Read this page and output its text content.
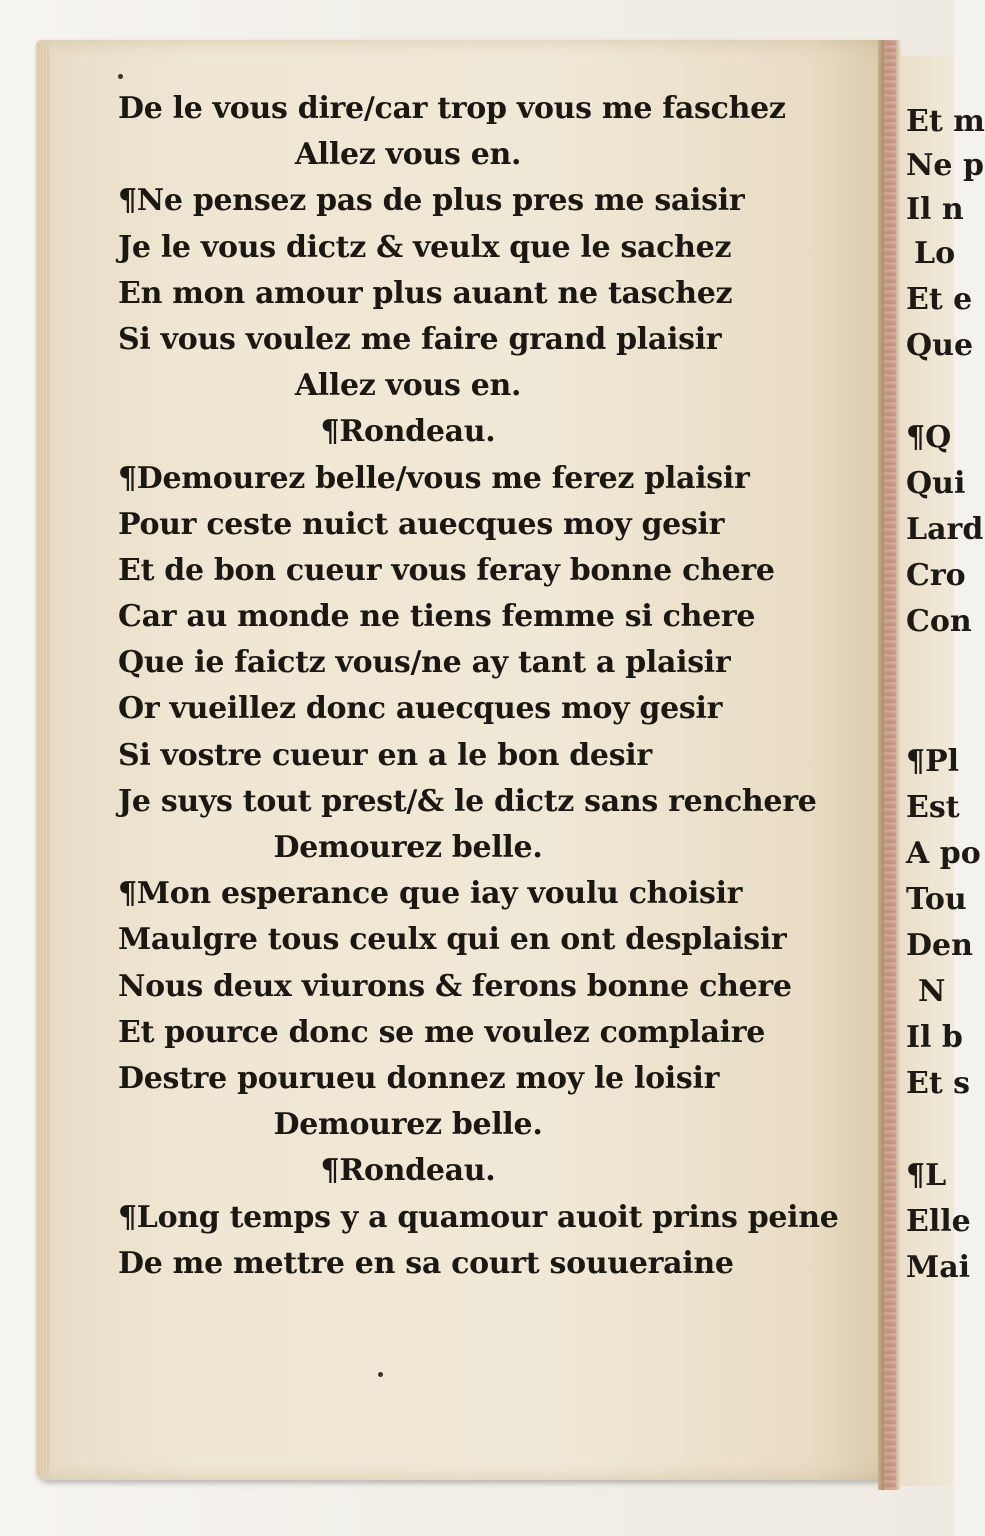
Et m
Ne p
Il n
Lo
Et e
Que
¶Q
Qui
Lard
Cro
Con
¶Pl
Est
A po
Tou
Den
N
Il b
Et s
¶L
Elle
Mai
De le vous dire/car trop vous me faschez
Allez vous en.
¶Ne pensez pas de plus pres me saisir
Je le vous dictz & veulx que le sachez
En mon amour plus auant ne taschez
Si vous voulez me faire grand plaisir
Allez vous en.
¶Rondeau.
¶Demourez belle/vous me ferez plaisir
Pour ceste nuict auecques moy gesir
Et de bon cueur vous feray bonne chere
Car au monde ne tiens femme si chere
Que ie faictz vous/ne ay tant a plaisir
Or vueillez donc auecques moy gesir
Si vostre cueur en a le bon desir
Je suys tout prest/& le dictz sans renchere
Demourez belle.
¶Mon esperance que iay voulu choisir
Maulgre tous ceulx qui en ont desplaisir
Nous deux viurons & ferons bonne chere
Et pource donc se me voulez complaire
Destre pourueu donnez moy le loisir
Demourez belle.
¶Rondeau.
¶Long temps y a quamour auoit prins peine
De me mettre en sa court souueraine
